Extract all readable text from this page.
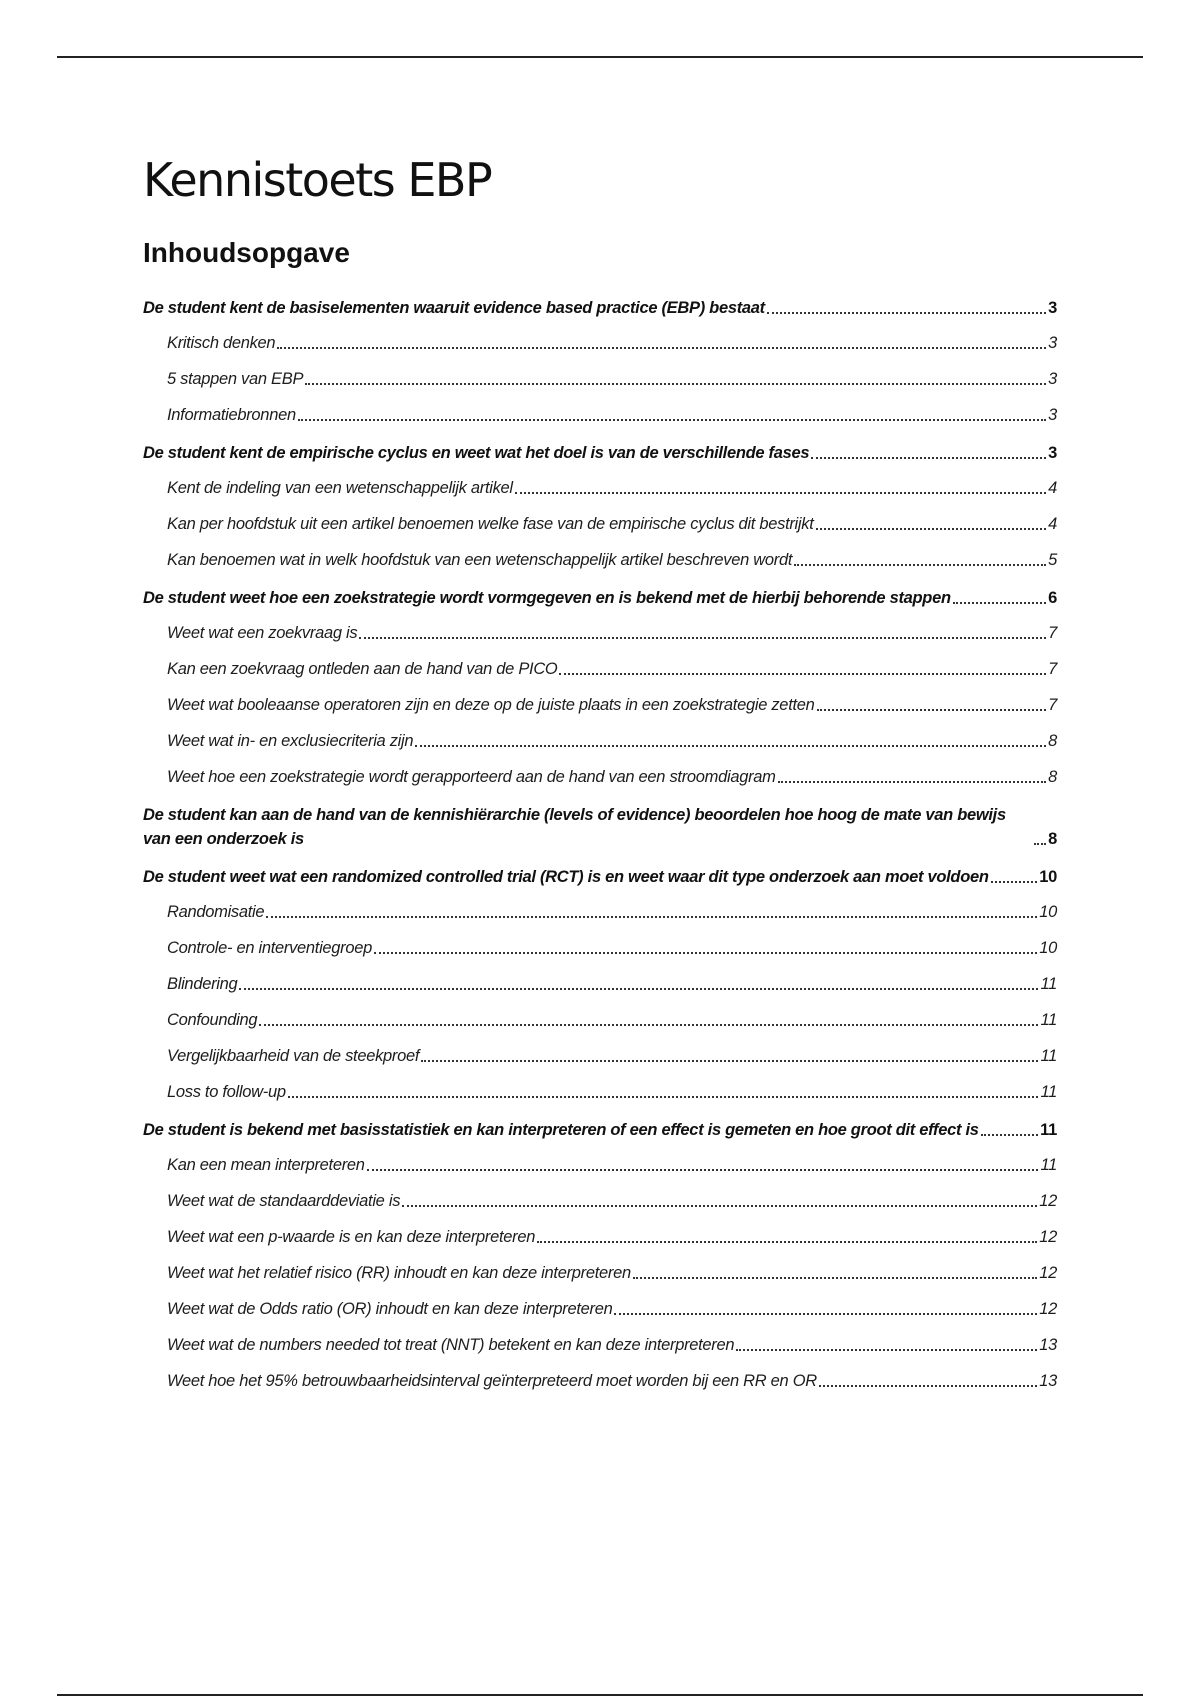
Kennistoets EBP
Inhoudsopgave
De student kent de basiselementen waaruit evidence based practice (EBP) bestaat	3
Kritisch denken	3
5 stappen van EBP	3
Informatiebronnen	3
De student kent de empirische cyclus en weet wat het doel is van de verschillende fases	3
Kent de indeling van een wetenschappelijk artikel	4
Kan per hoofdstuk uit een artikel benoemen welke fase van de empirische cyclus dit bestrijkt	4
Kan benoemen wat in welk hoofdstuk van een wetenschappelijk artikel beschreven wordt	5
De student weet hoe een zoekstrategie wordt vormgegeven en is bekend met de hierbij behorende stappen	6
Weet wat een zoekvraag is	7
Kan een zoekvraag ontleden aan de hand van de PICO	7
Weet wat booleaanse operatoren zijn en deze op de juiste plaats in een zoekstrategie zetten	7
Weet wat in- en exclusiecriteria zijn	8
Weet hoe een zoekstrategie wordt gerapporteerd aan de hand van een stroomdiagram	8
De student kan aan de hand van de kennishiërarchie (levels of evidence) beoordelen hoe hoog de mate van bewijs van een onderzoek is	8
De student weet wat een randomized controlled trial (RCT) is en weet waar dit type onderzoek aan moet voldoen	10
Randomisatie	10
Controle- en interventiegroep	10
Blindering	11
Confounding	11
Vergelijkbaarheid van de steekproef	11
Loss to follow-up	11
De student is bekend met basisstatistiek en kan interpreteren of een effect is gemeten en hoe groot dit effect is	11
Kan een mean interpreteren	11
Weet wat de standaarddeviatie is	12
Weet wat een p-waarde is en kan deze interpreteren	12
Weet wat het relatief risico (RR) inhoudt en kan deze interpreteren	12
Weet wat de Odds ratio (OR) inhoudt en kan deze interpreteren	12
Weet wat de numbers needed tot treat (NNT) betekent en kan deze interpreteren	13
Weet hoe het 95% betrouwbaarheidsinterval geïnterpreteerd moet worden bij een RR en OR	13
